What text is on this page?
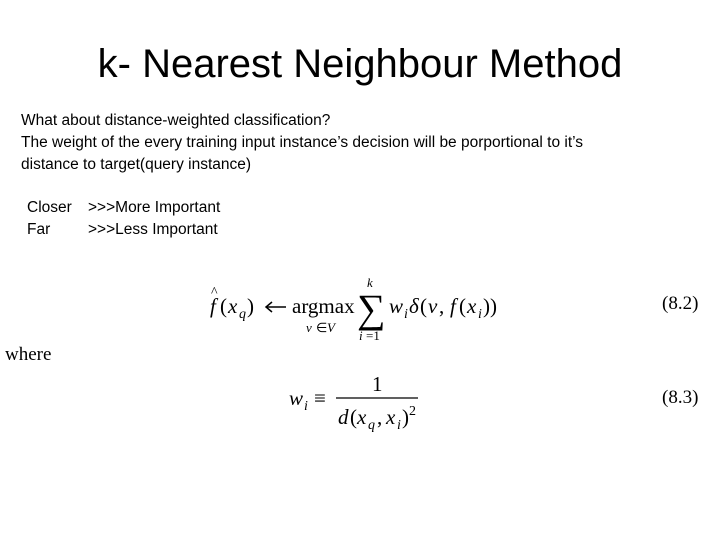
k- Nearest Neighbour Method
What about distance-weighted classification?
The weight of the every training input instance’s decision will be porportional to it’s
distance to target(query instance)
Closer	>>>More Important
Far	>>>Less Important
f
^
( x q ) argmax
v ∈ V
k
∑
i =1
w i δ ( v , f ( x i ))
w i ≡
1
d ( x q , x i ) 2
(8.2)
where
(8.3)
